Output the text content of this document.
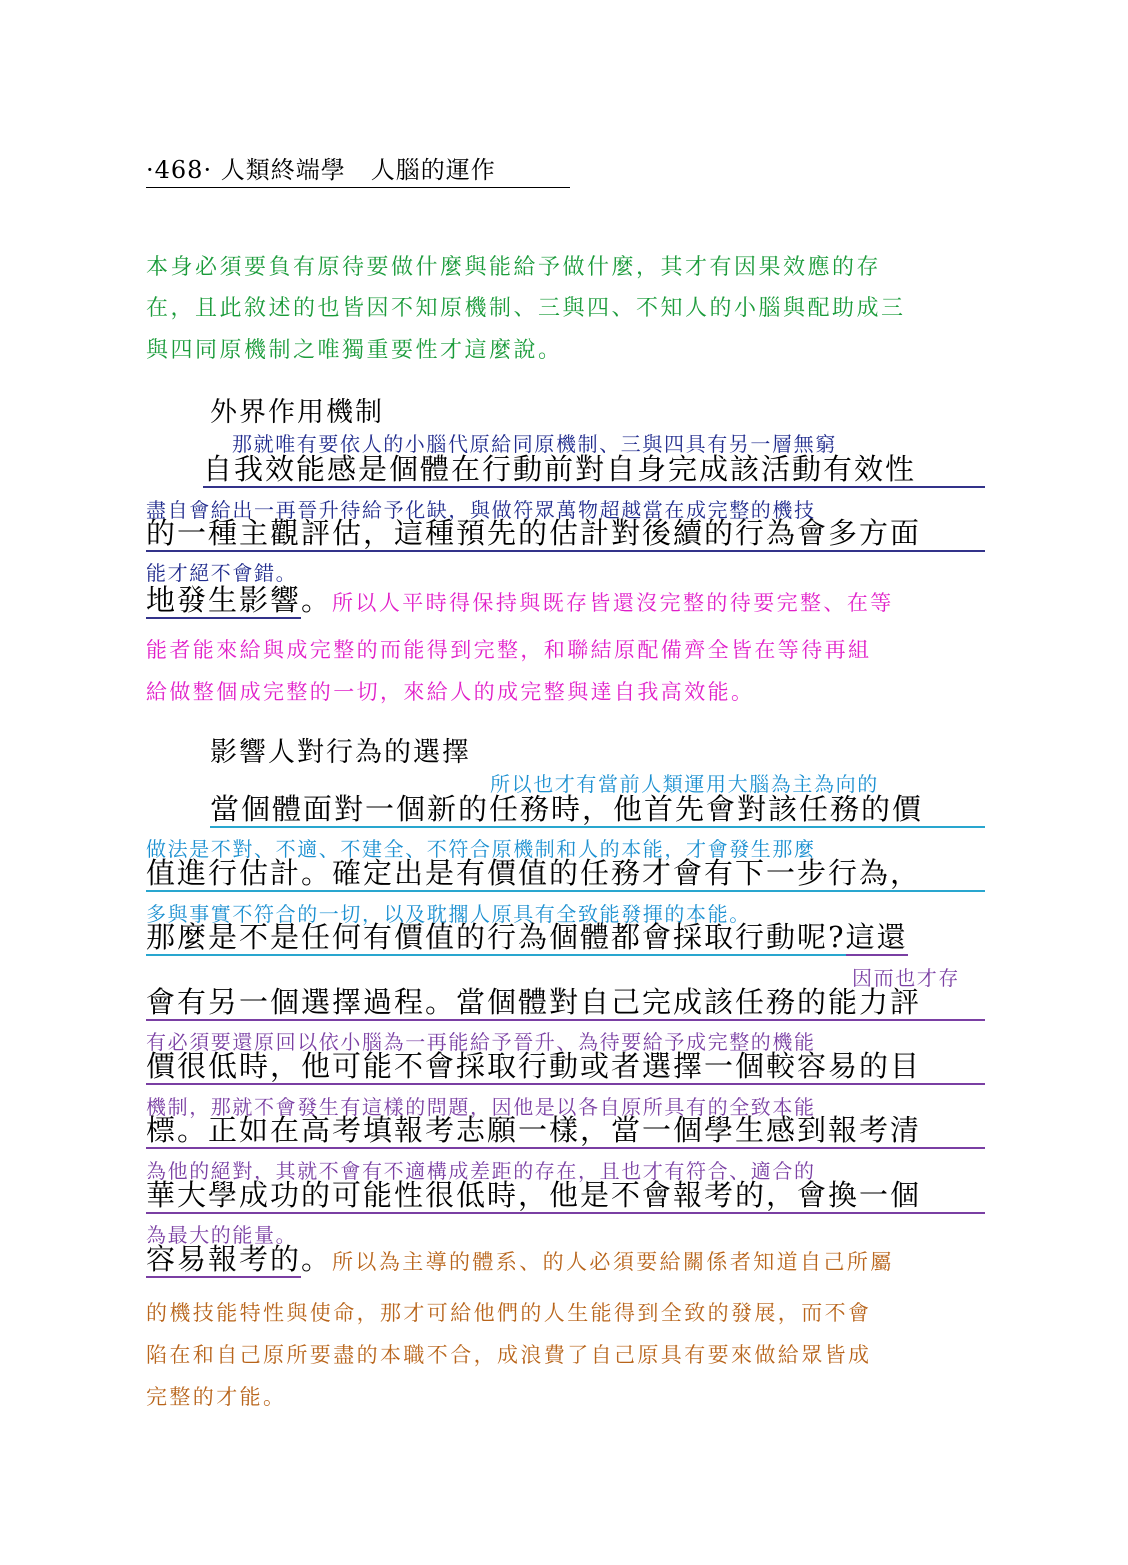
·468· 人類終端學　人腦的運作
本身必須要負有原待要做什麼與能給予做什麼，其才有因果效應的存
在，且此敘述的也皆因不知原機制、三與四、不知人的小腦與配助成三
與四同原機制之唯獨重要性才這麼說。
外界作用機制
那就唯有要依人的小腦代原給同原機制、三與四具有另一層無窮
自我效能感是個體在行動前對自身完成該活動有效性
盡自會給出一再晉升待給予化缺，與做符眾萬物超越當在成完整的機技
的一種主觀評估，這種預先的估計對後續的行為會多方面
能才絕不會錯。
地發生影響。所以人平時得保持與既存皆還沒完整的待要完整、在等
能者能來給與成完整的而能得到完整，和聯結原配備齊全皆在等待再組
給做整個成完整的一切，來給人的成完整與達自我高效能。
影響人對行為的選擇
所以也才有當前人類運用大腦為主為向的
當個體面對一個新的任務時，他首先會對該任務的價
做法是不對、不適、不建全、不符合原機制和人的本能，才會發生那麼
值進行估計。確定出是有價值的任務才會有下一步行為，
多與事實不符合的一切，以及耽擱人原具有全致能發揮的本能。
那麼是不是任何有價值的行為個體都會採取行動呢?這還
因而也才存
會有另一個選擇過程。當個體對自己完成該任務的能力評
有必須要還原回以依小腦為一再能給予晉升、為待要給予成完整的機能
價很低時，他可能不會採取行動或者選擇一個較容易的目
機制，那就不會發生有這樣的問題，因他是以各自原所具有的全致本能
標。正如在高考填報考志願一樣，當一個學生感到報考清
為他的絕對，其就不會有不適構成差距的存在，且也才有符合、適合的
華大學成功的可能性很低時，他是不會報考的，會換一個
為最大的能量。
容易報考的。所以為主導的體系、的人必須要給關係者知道自己所屬
的機技能特性與使命，那才可給他們的人生能得到全致的發展，而不會
陷在和自己原所要盡的本職不合，成浪費了自己原具有要來做給眾皆成
完整的才能。
